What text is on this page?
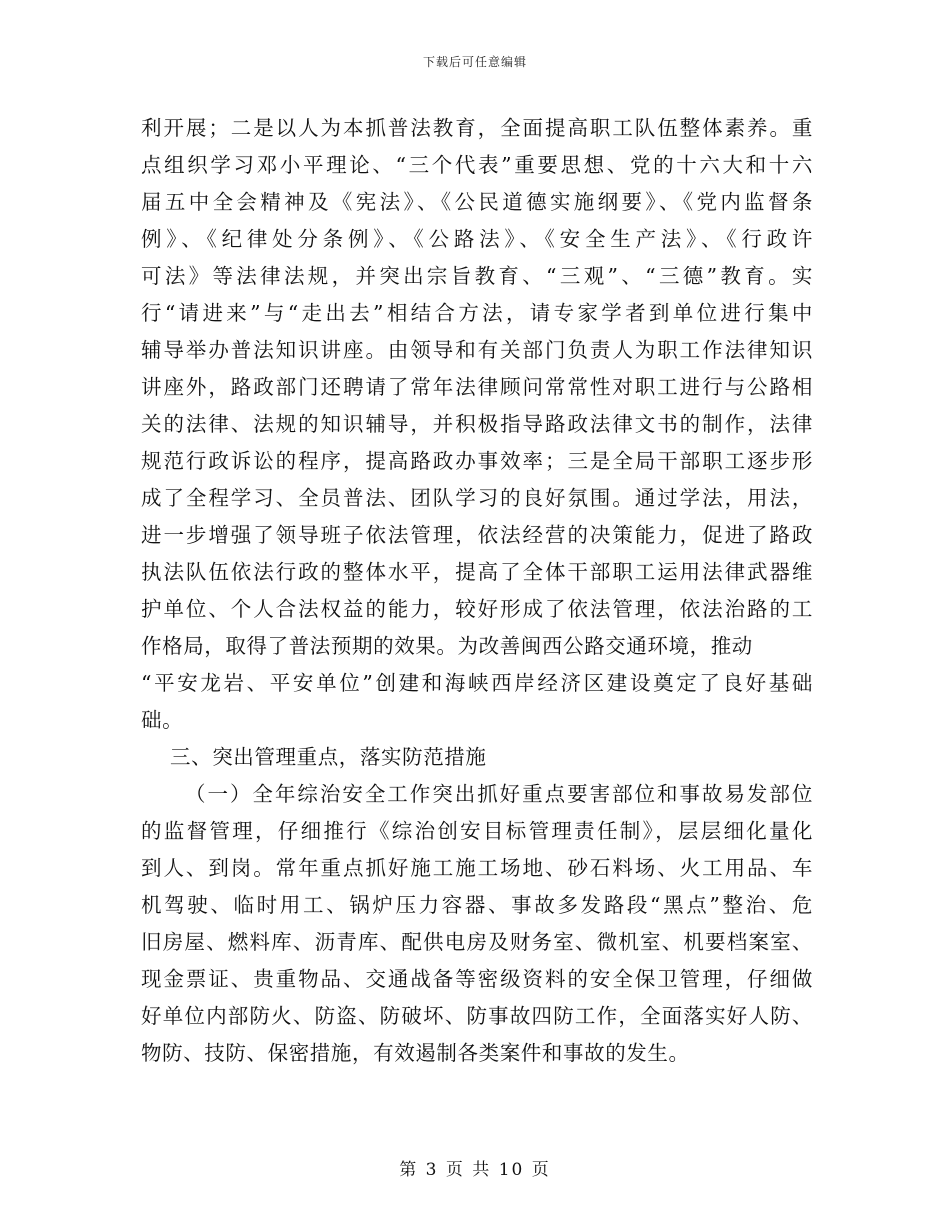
下载后可任意编辑
利开展；二是以人为本抓普法教育，全面提高职工队伍整体素养。重
点组织学习邓小平理论、“三个代表”重要思想、党的十六大和十六
届五中全会精神及《宪法》、《公民道德实施纲要》、《党内监督条
例》、《纪律处分条例》、《公路法》、《安全生产法》、《行政许
可法》等法律法规，并突出宗旨教育、“三观”、“三德”教育。实
行“请进来”与“走出去”相结合方法，请专家学者到单位进行集中
辅导举办普法知识讲座。由领导和有关部门负责人为职工作法律知识
讲座外，路政部门还聘请了常年法律顾问常常性对职工进行与公路相
关的法律、法规的知识辅导，并积极指导路政法律文书的制作，法律
规范行政诉讼的程序，提高路政办事效率；三是全局干部职工逐步形
成了全程学习、全员普法、团队学习的良好氛围。通过学法，用法，
进一步增强了领导班子依法管理，依法经营的决策能力，促进了路政
执法队伍依法行政的整体水平，提高了全体干部职工运用法律武器维
护单位、个人合法权益的能力，较好形成了依法管理，依法治路的工
作格局，取得了普法预期的效果。为改善闽西公路交通环境，推动
“平安龙岩、平安单位”创建和海峡西岸经济区建设奠定了良好基础
础。
三、突出管理重点，落实防范措施
（一）全年综治安全工作突出抓好重点要害部位和事故易发部位
的监督管理，仔细推行《综治创安目标管理责任制》，层层细化量化
到人、到岗。常年重点抓好施工施工场地、砂石料场、火工用品、车
机驾驶、临时用工、锅炉压力容器、事故多发路段“黑点”整治、危
旧房屋、燃料库、沥青库、配供电房及财务室、微机室、机要档案室、
现金票证、贵重物品、交通战备等密级资料的安全保卫管理，仔细做
好单位内部防火、防盗、防破坏、防事故四防工作，全面落实好人防、
物防、技防、保密措施，有效遏制各类案件和事故的发生。
第 3 页 共 10 页
